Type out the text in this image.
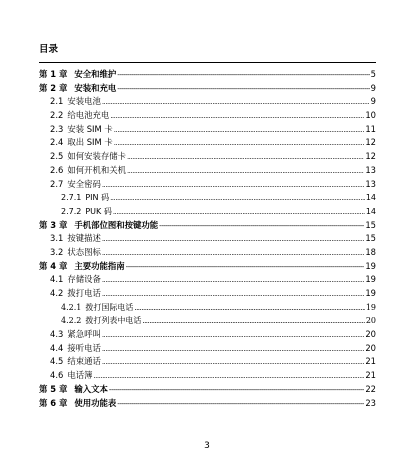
目录
第 1 章 安全和维护 -----	5
第 2 章 安装和充电 -----	9
2.1 安装电池 .....	9
2.2 给电池充电 .....	10
2.3 安装 SIM 卡 .....	11
2.4 取出 SIM 卡 .....	12
2.5 如何安装存储卡 .....	12
2.6 如何开机和关机 .....	13
2.7 安全密码 .....	13
2.7.1 PIN 码 .....	14
2.7.2 PUK 码 .....	14
第 3 章 手机部位图和按键功能 -----	15
3.1 按键描述 .....	15
3.2 状态图标 .....	18
第 4 章 主要功能指南 -----	19
4.1 存储设备 .....	19
4.2 拨打电话 .....	19
4.2.1 拨打国际电话 .....	19
4.2.2 拨打列表中电话 .....	20
4.3 紧急呼叫 .....	20
4.4 接听电话 .....	20
4.5 结束通话 .....	21
4.6 电话簿 .....	21
第 5 章 输入文本 -----	22
第 6 章 使用功能表 -----	23
3
